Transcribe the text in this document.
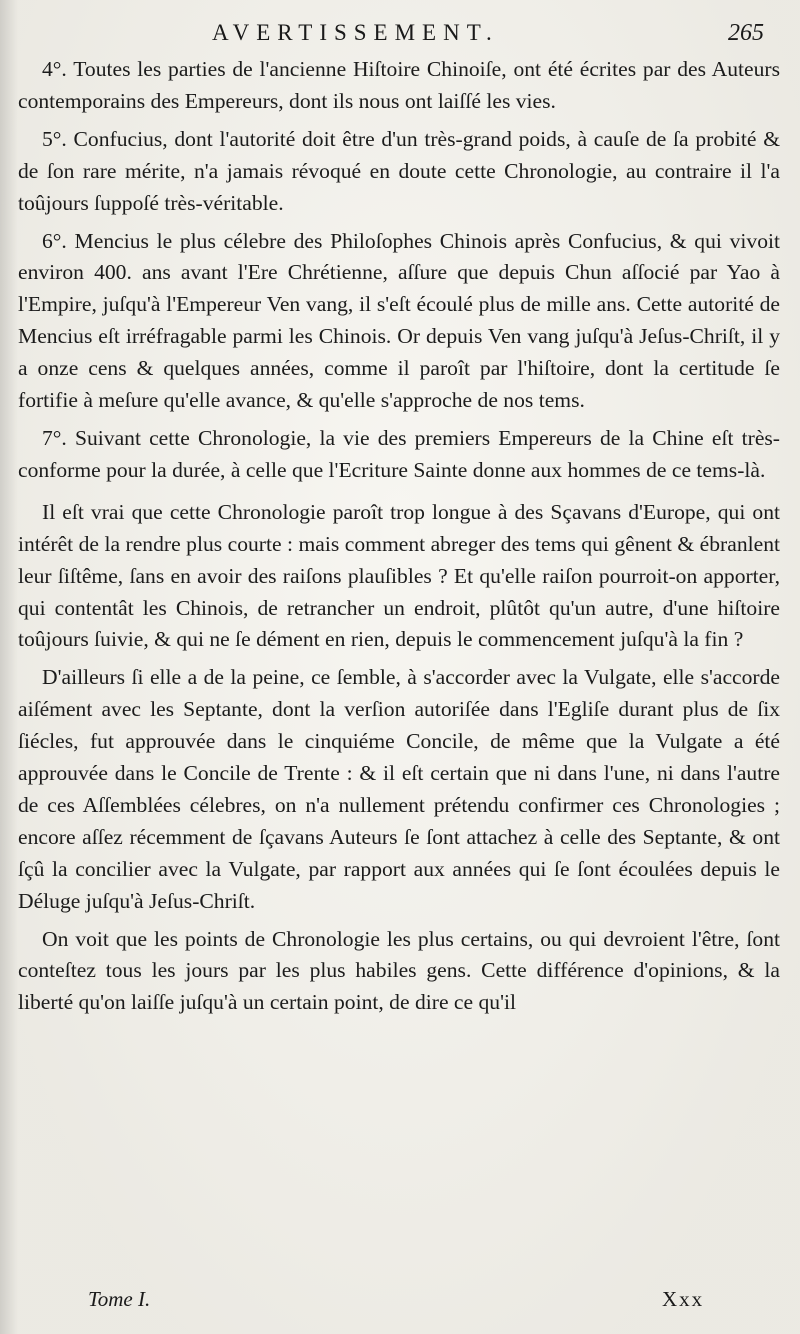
AVERTISSEMENT.	265

4°. Toutes les parties de l'ancienne Hiſtoire Chinoiſe, ont été écrites par des Auteurs contemporains des Empereurs, dont ils nous ont laiſſé les vies.

5°. Confucius, dont l'autorité doit être d'un très-grand poids, à cauſe de ſa probité & de ſon rare mérite, n'a jamais révoqué en doute cette Chronologie, au contraire il l'a toûjours ſuppoſé très-véritable.

6°. Mencius le plus célebre des Philoſophes Chinois après Confucius, & qui vivoit environ 400. ans avant l'Ere Chrétienne, aſſure que depuis Chun aſſocié par Yao à l'Empire, juſqu'à l'Empereur Ven vang, il s'eſt écoulé plus de mille ans. Cette autorité de Mencius eſt irréfragable parmi les Chinois. Or depuis Ven vang juſqu'à Jeſus-Chriſt, il y a onze cens & quelques années, comme il paroît par l'hiſtoire, dont la certitude ſe fortifie à meſure qu'elle avance, & qu'elle s'approche de nos tems.

7°. Suivant cette Chronologie, la vie des premiers Empereurs de la Chine eſt très-conforme pour la durée, à celle que l'Ecriture Sainte donne aux hommes de ce tems-là.

Il eſt vrai que cette Chronologie paroît trop longue à des Sçavans d'Europe, qui ont intérêt de la rendre plus courte : mais comment abreger des tems qui gênent & ébranlent leur ſiſtême, ſans en avoir des raiſons plauſibles ? Et qu'elle raiſon pourroit-on apporter, qui contentât les Chinois, de retrancher un endroit, plûtôt qu'un autre, d'une hiſtoire toûjours ſuivie, & qui ne ſe dément en rien, depuis le commencement juſqu'à la fin ?

D'ailleurs ſi elle a de la peine, ce ſemble, à s'accorder avec la Vulgate, elle s'accorde aiſément avec les Septante, dont la verſion autoriſée dans l'Egliſe durant plus de ſix ſiécles, fut approuvée dans le cinquiéme Concile, de même que la Vulgate a été approuvée dans le Concile de Trente : & il eſt certain que ni dans l'une, ni dans l'autre de ces Aſſemblées célebres, on n'a nullement prétendu confirmer ces Chronologies ; encore aſſez récemment de ſçavans Auteurs ſe ſont attachez à celle des Septante, & ont ſçû la concilier avec la Vulgate, par rapport aux années qui ſe ſont écoulées depuis le Déluge juſqu'à Jeſus-Chriſt.

On voit que les points de Chronologie les plus certains, ou qui devroient l'être, ſont conteſtez tous les jours par les plus habiles gens. Cette différence d'opinions, & la liberté qu'on laiſſe juſqu'à un certain point, de dire ce qu'il

Tome I.	Xxx
